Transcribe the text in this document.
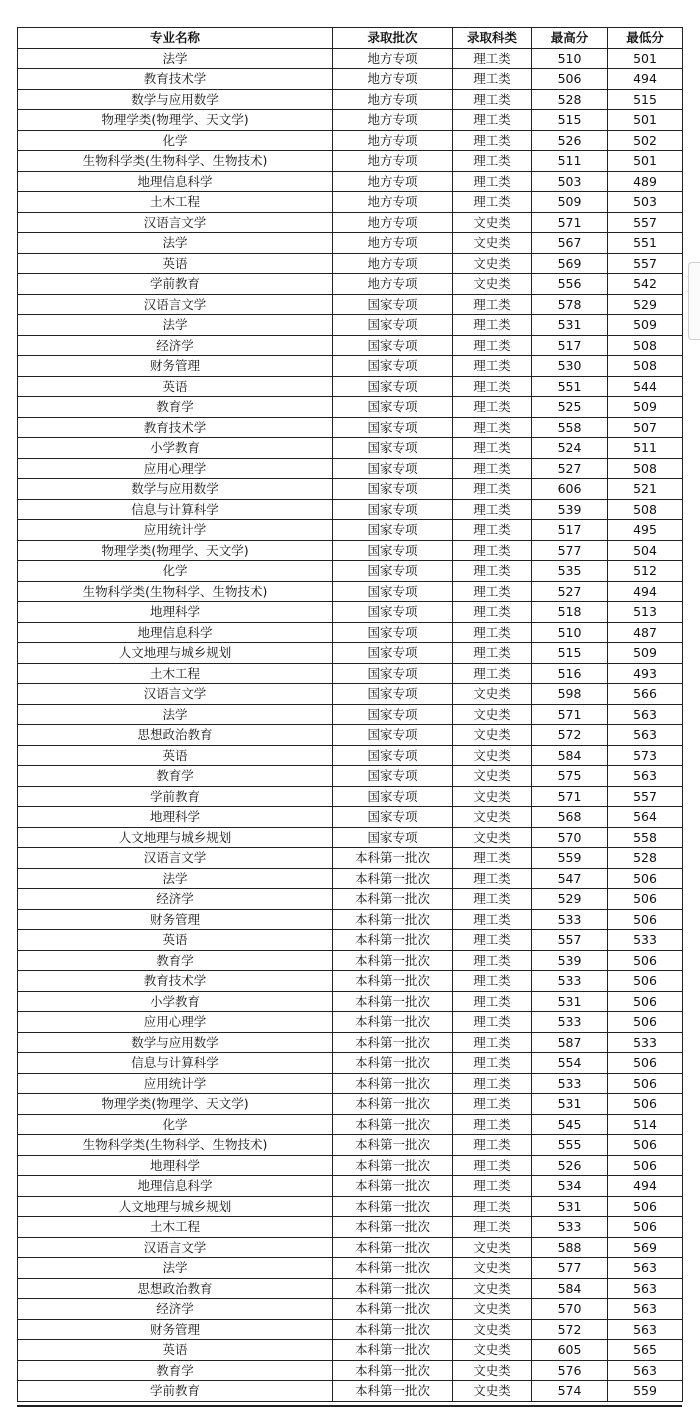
专业名称	录取批次	录取科类	最高分	最低分
法学	地方专项	理工类	510	501
教育技术学	地方专项	理工类	506	494
数学与应用数学	地方专项	理工类	528	515
物理学类(物理学、天文学)	地方专项	理工类	515	501
化学	地方专项	理工类	526	502
生物科学类(生物科学、生物技术)	地方专项	理工类	511	501
地理信息科学	地方专项	理工类	503	489
土木工程	地方专项	理工类	509	503
汉语言文学	地方专项	文史类	571	557
法学	地方专项	文史类	567	551
英语	地方专项	文史类	569	557
学前教育	地方专项	文史类	556	542
汉语言文学	国家专项	理工类	578	529
法学	国家专项	理工类	531	509
经济学	国家专项	理工类	517	508
财务管理	国家专项	理工类	530	508
英语	国家专项	理工类	551	544
教育学	国家专项	理工类	525	509
教育技术学	国家专项	理工类	558	507
小学教育	国家专项	理工类	524	511
应用心理学	国家专项	理工类	527	508
数学与应用数学	国家专项	理工类	606	521
信息与计算科学	国家专项	理工类	539	508
应用统计学	国家专项	理工类	517	495
物理学类(物理学、天文学)	国家专项	理工类	577	504
化学	国家专项	理工类	535	512
生物科学类(生物科学、生物技术)	国家专项	理工类	527	494
地理科学	国家专项	理工类	518	513
地理信息科学	国家专项	理工类	510	487
人文地理与城乡规划	国家专项	理工类	515	509
土木工程	国家专项	理工类	516	493
汉语言文学	国家专项	文史类	598	566
法学	国家专项	文史类	571	563
思想政治教育	国家专项	文史类	572	563
英语	国家专项	文史类	584	573
教育学	国家专项	文史类	575	563
学前教育	国家专项	文史类	571	557
地理科学	国家专项	文史类	568	564
人文地理与城乡规划	国家专项	文史类	570	558
汉语言文学	本科第一批次	理工类	559	528
法学	本科第一批次	理工类	547	506
经济学	本科第一批次	理工类	529	506
财务管理	本科第一批次	理工类	533	506
英语	本科第一批次	理工类	557	533
教育学	本科第一批次	理工类	539	506
教育技术学	本科第一批次	理工类	533	506
小学教育	本科第一批次	理工类	531	506
应用心理学	本科第一批次	理工类	533	506
数学与应用数学	本科第一批次	理工类	587	533
信息与计算科学	本科第一批次	理工类	554	506
应用统计学	本科第一批次	理工类	533	506
物理学类(物理学、天文学)	本科第一批次	理工类	531	506
化学	本科第一批次	理工类	545	514
生物科学类(生物科学、生物技术)	本科第一批次	理工类	555	506
地理科学	本科第一批次	理工类	526	506
地理信息科学	本科第一批次	理工类	534	494
人文地理与城乡规划	本科第一批次	理工类	531	506
土木工程	本科第一批次	理工类	533	506
汉语言文学	本科第一批次	文史类	588	569
法学	本科第一批次	文史类	577	563
思想政治教育	本科第一批次	文史类	584	563
经济学	本科第一批次	文史类	570	563
财务管理	本科第一批次	文史类	572	563
英语	本科第一批次	文史类	605	565
教育学	本科第一批次	文史类	576	563
学前教育	本科第一批次	文史类	574	559
